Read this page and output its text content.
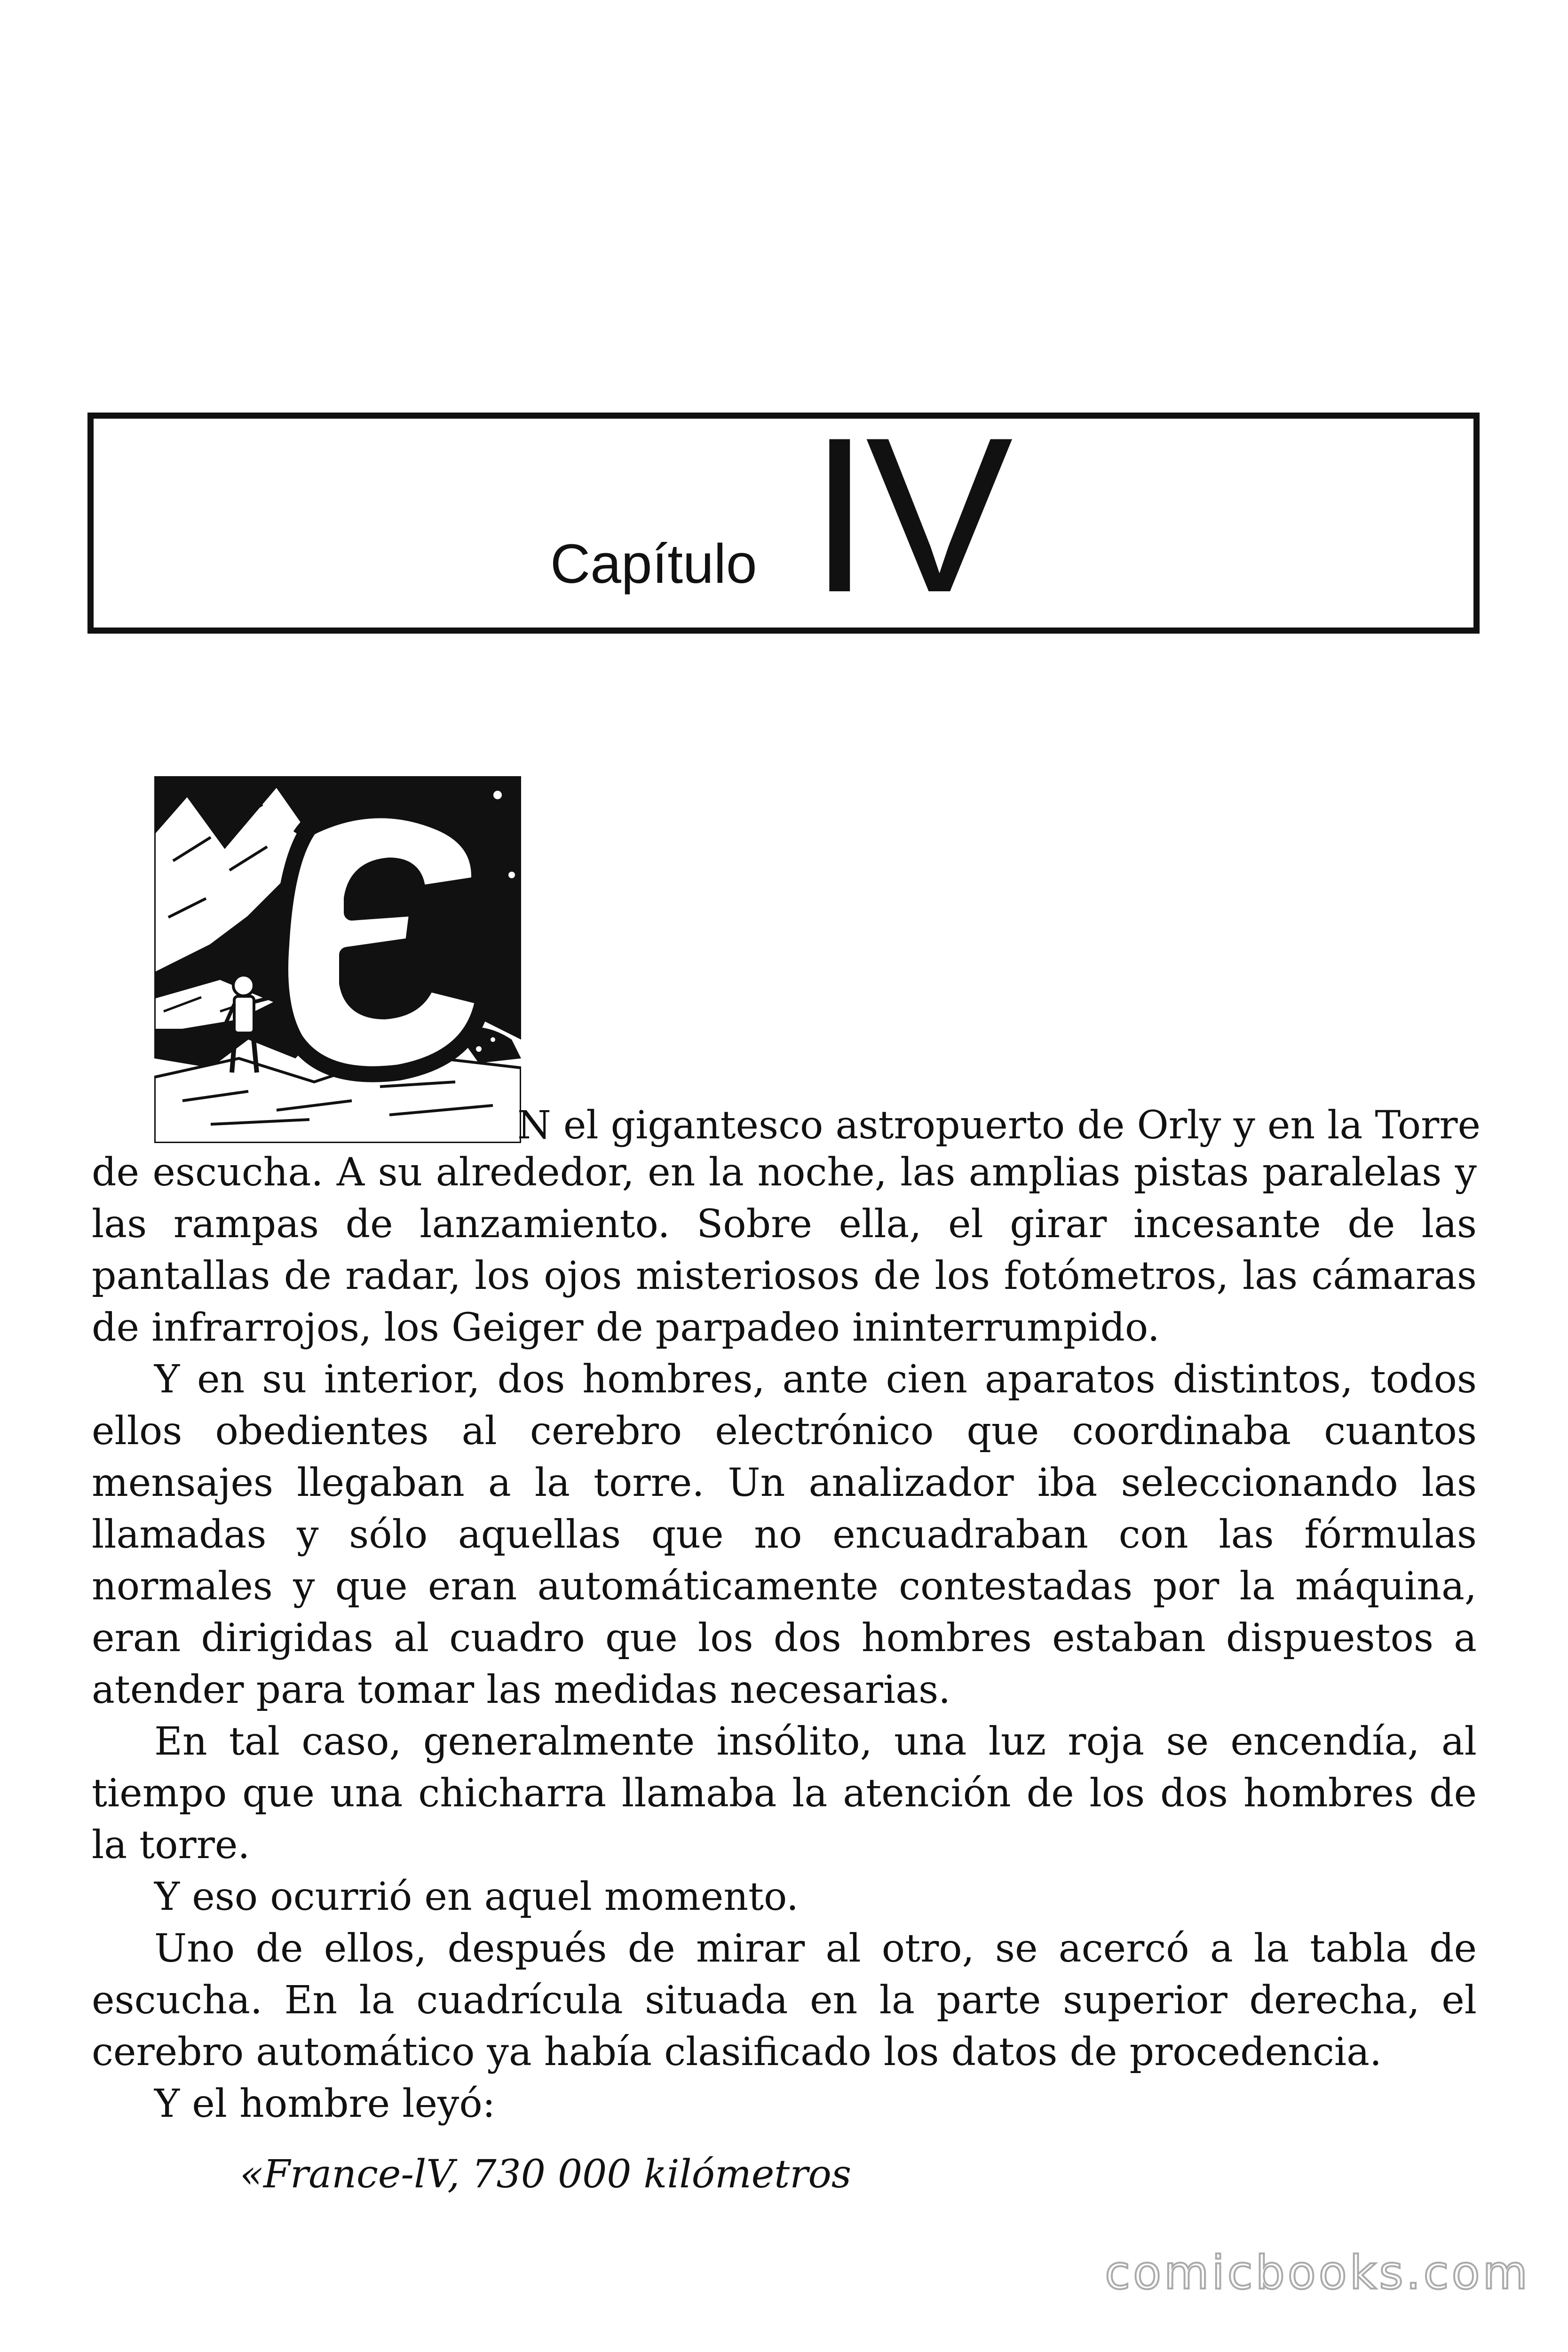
Capítulo IV
N el gigantesco astropuerto de Orly y en la Torre

de escucha. A su alrededor, en la noche, las amplias pistas paralelas y las rampas de lanzamiento. Sobre ella, el girar incesante de las pantallas de radar, los ojos misteriosos de los fotómetros, las cámaras de infrarrojos, los Geiger de parpadeo ininterrumpido.

Y en su interior, dos hombres, ante cien aparatos distintos, todos ellos obedientes al cerebro electrónico que coordinaba cuantos mensajes llegaban a la torre. Un analizador iba seleccionando las llamadas y sólo aquellas que no encuadraban con las fórmulas normales y que eran automáticamente contestadas por la máquina, eran dirigidas al cuadro que los dos hombres estaban dispuestos a atender para tomar las medidas necesarias.

En tal caso, generalmente insólito, una luz roja se encendía, al tiempo que una chicharra llamaba la atención de los dos hombres de la torre.

Y eso ocurrió en aquel momento.

Uno de ellos, después de mirar al otro, se acercó a la tabla de escucha. En la cuadrícula situada en la parte superior derecha, el cerebro automático ya había clasificado los datos de procedencia.

Y el hombre leyó:

«France-lV, 730 000 kilómetros

comicbooks.com
